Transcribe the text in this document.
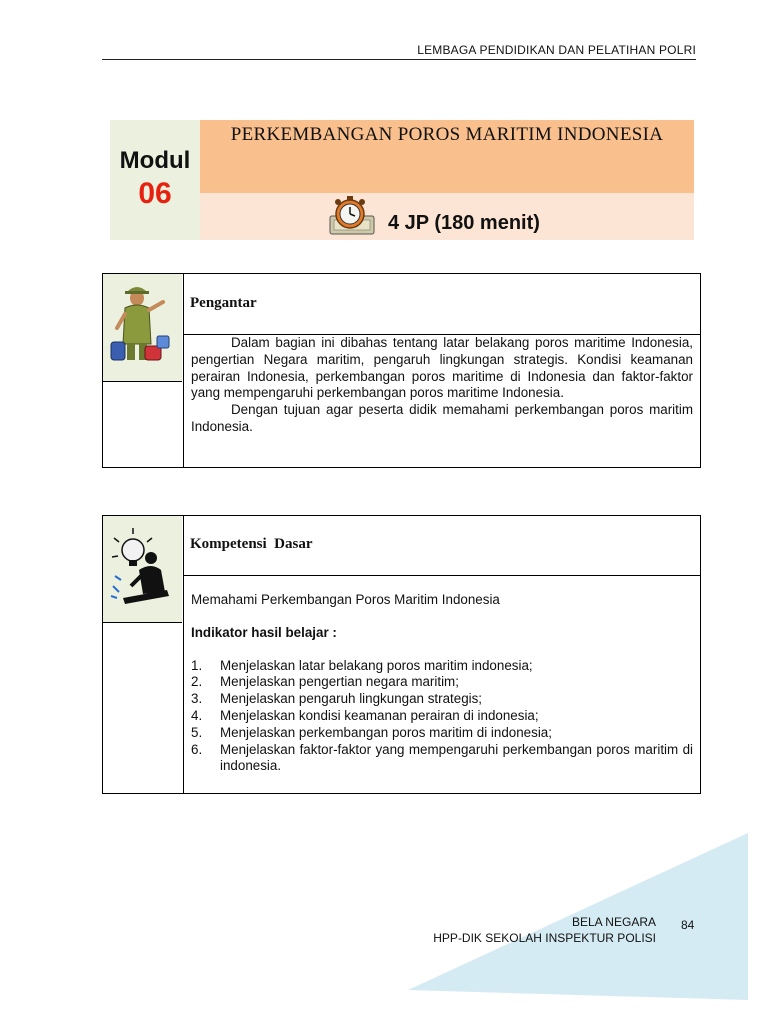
LEMBAGA PENDIDIKAN DAN PELATIHAN POLRI
Modul
06
PERKEMBANGAN POROS MARITIM INDONESIA
4 JP (180 menit)
Pengantar
Dalam bagian ini dibahas tentang latar belakang poros maritime Indonesia, pengertian Negara maritim, pengaruh lingkungan strategis. Kondisi keamanan perairan Indonesia, perkembangan poros maritime di Indonesia dan faktor-faktor yang mempengaruhi perkembangan poros maritime Indonesia.
Dengan tujuan agar peserta didik memahami perkembangan poros maritim Indonesia.
Kompetensi  Dasar
Memahami Perkembangan Poros Maritim Indonesia
Indikator hasil belajar :
1. Menjelaskan latar belakang poros maritim indonesia;
2. Menjelaskan pengertian negara maritim;
3. Menjelaskan pengaruh lingkungan strategis;
4. Menjelaskan kondisi keamanan perairan di indonesia;
5. Menjelaskan perkembangan poros maritim di indonesia;
6. Menjelaskan faktor-faktor yang mempengaruhi perkembangan poros maritim di indonesia.
BELA NEGARA
HPP-DIK SEKOLAH INSPEKTUR POLISI
84
